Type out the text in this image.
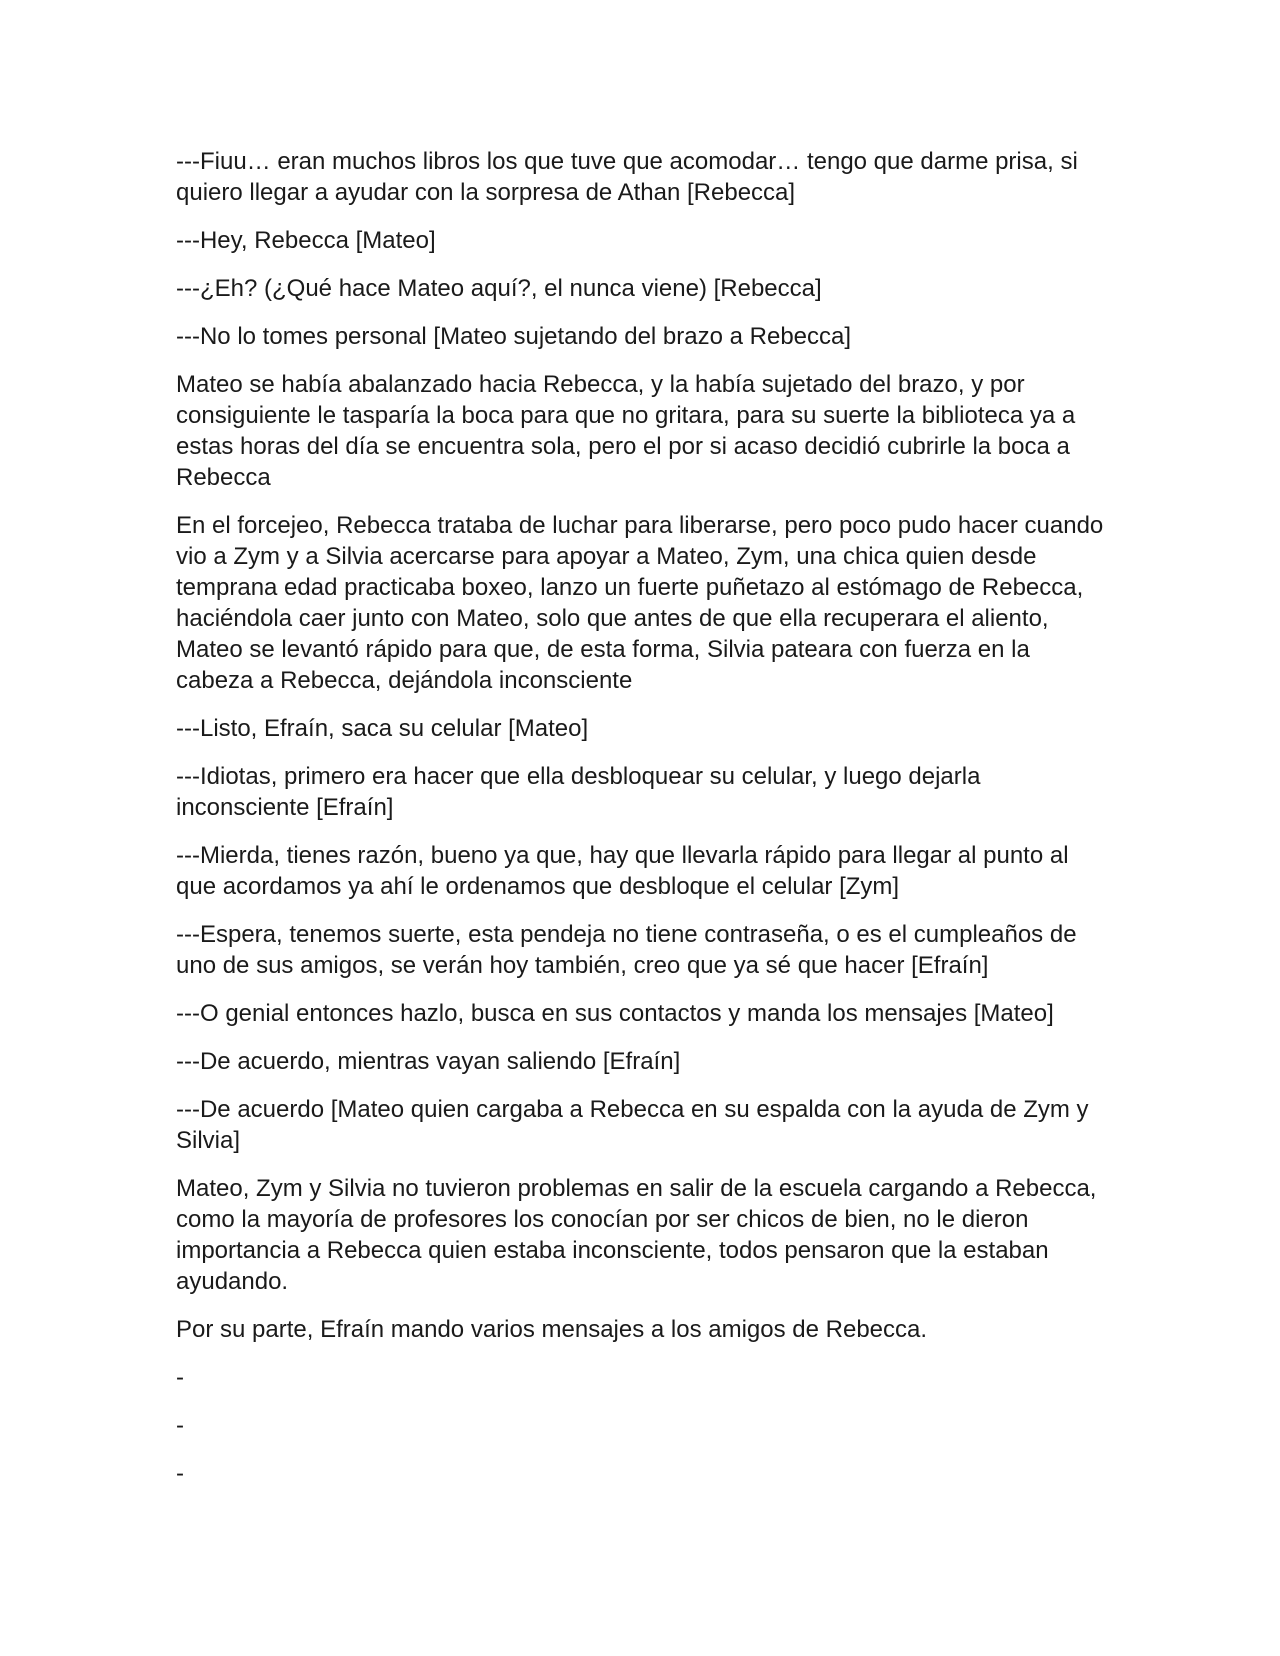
---Fiuu… eran muchos libros los que tuve que acomodar… tengo que darme prisa, si quiero llegar a ayudar con la sorpresa de Athan [Rebecca]

---Hey, Rebecca [Mateo]

---¿Eh? (¿Qué hace Mateo aquí?, el nunca viene) [Rebecca]

---No lo tomes personal [Mateo sujetando del brazo a Rebecca]

Mateo se había abalanzado hacia Rebecca, y la había sujetado del brazo, y por consiguiente le tasparía la boca para que no gritara, para su suerte la biblioteca ya a estas horas del día se encuentra sola, pero el por si acaso decidió cubrirle la boca a Rebecca

En el forcejeo, Rebecca trataba de luchar para liberarse, pero poco pudo hacer cuando vio a Zym y a Silvia acercarse para apoyar a Mateo, Zym, una chica quien desde temprana edad practicaba boxeo, lanzo un fuerte puñetazo al estómago de Rebecca, haciéndola caer junto con Mateo, solo que antes de que ella recuperara el aliento, Mateo se levantó rápido para que, de esta forma, Silvia pateara con fuerza en la cabeza a Rebecca, dejándola inconsciente

---Listo, Efraín, saca su celular [Mateo]

---Idiotas, primero era hacer que ella desbloquear su celular, y luego dejarla inconsciente [Efraín]

---Mierda, tienes razón, bueno ya que, hay que llevarla rápido para llegar al punto al que acordamos ya ahí le ordenamos que desbloque el celular [Zym]

---Espera, tenemos suerte, esta pendeja no tiene contraseña, o es el cumpleaños de uno de sus amigos, se verán hoy también, creo que ya sé que hacer [Efraín]

---O genial entonces hazlo, busca en sus contactos y manda los mensajes [Mateo]

---De acuerdo, mientras vayan saliendo [Efraín]

---De acuerdo [Mateo quien cargaba a Rebecca en su espalda con la ayuda de Zym y Silvia]

Mateo, Zym y Silvia no tuvieron problemas en salir de la escuela cargando a Rebecca, como la mayoría de profesores los conocían por ser chicos de bien, no le dieron importancia a Rebecca quien estaba inconsciente, todos pensaron que la estaban ayudando.

Por su parte, Efraín mando varios mensajes a los amigos de Rebecca.

-

-

-
